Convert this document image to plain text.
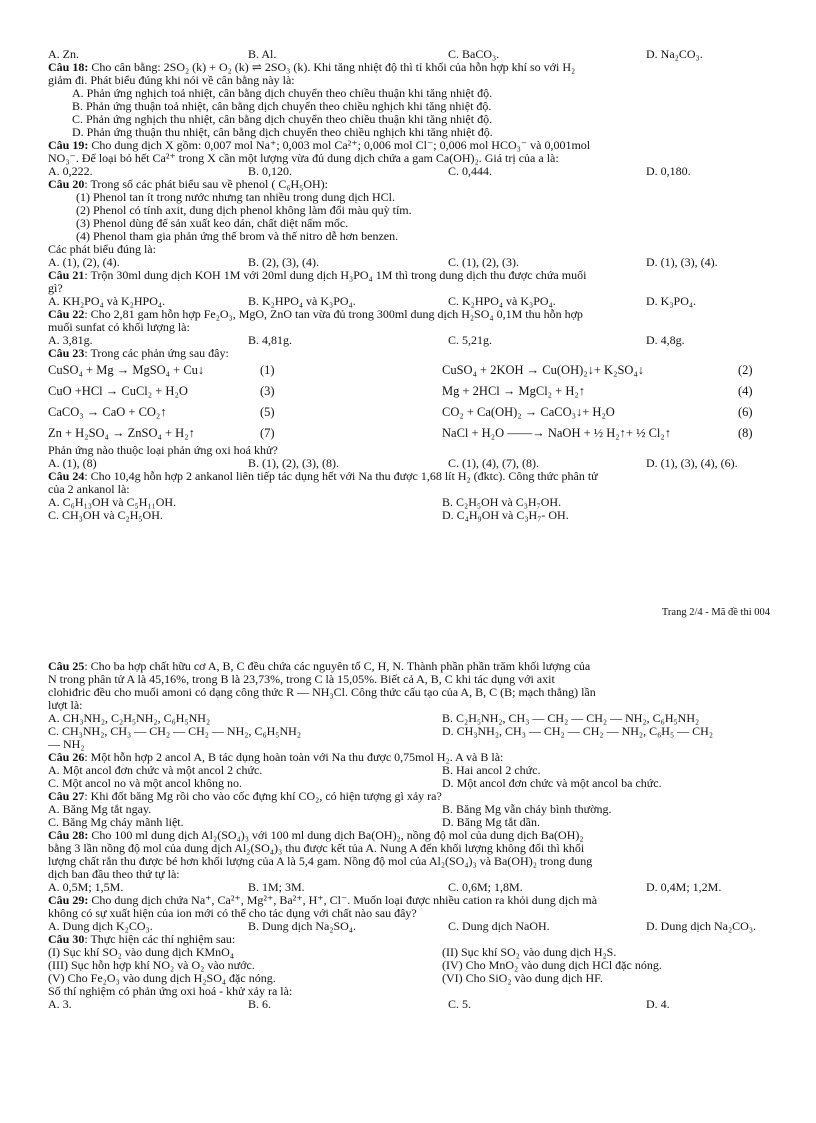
A. Zn.	B. Al.	C. BaCO₃.	D. Na₂CO₃.
Câu 18: Cho cân bằng: 2SO₂ (k) + O₂ (k) ⇌ 2SO₃ (k). Khi tăng nhiệt độ thì tỉ khối của hỗn hợp khí so với H₂
giảm đi. Phát biểu đúng khi nói về cân bằng này là:
A. Phản ứng nghịch toả nhiệt, cân bằng dịch chuyển theo chiều thuận khi tăng nhiệt độ.
B. Phản ứng thuận toả nhiệt, cân bằng dịch chuyển theo chiều nghịch khi tăng nhiệt độ.
C. Phản ứng nghịch thu nhiệt, cân bằng dịch chuyển theo chiều thuận khi tăng nhiệt độ.
D. Phản ứng thuận thu nhiệt, cân bằng dịch chuyển theo chiều nghịch khi tăng nhiệt độ.
Câu 19: Cho dung dịch X gồm: 0,007 mol Na⁺; 0,003 mol Ca²⁺; 0,006 mol Cl⁻; 0,006 mol HCO₃⁻ và 0,001mol
NO₃⁻. Để loại bỏ hết Ca²⁺ trong X cần một lượng vừa đủ dung dịch chứa a gam Ca(OH)₂. Giá trị của a là:
A. 0,222.	B. 0,120.	C. 0,444.	D. 0,180.
Câu 20: Trong số các phát biểu sau về phenol ( C₆H₅OH):
(1) Phenol tan ít trong nước nhưng tan nhiều trong dung dịch HCl.
(2) Phenol có tính axit, dung dịch phenol không làm đổi màu quỳ tím.
(3) Phenol dùng để sản xuất keo dán, chất diệt nấm mốc.
(4) Phenol tham gia phản ứng thế brom và thế nitro dễ hơn benzen.
Các phát biểu đúng là:
A. (1), (2), (4).	B. (2), (3), (4).	C. (1), (2), (3).	D. (1), (3), (4).
Câu 21: Trộn 30ml dung dịch KOH 1M với 20ml dung dịch H₃PO₄ 1M thì trong dung dịch thu được chứa muối
gì?
A. KH₂PO₄ và K₂HPO₄.	B. K₂HPO₄ và K₃PO₄.	C. K₂HPO₄ và K₃PO₄.	D. K₃PO₄.
Câu 22: Cho 2,81 gam hỗn hợp Fe₂O₃, MgO, ZnO tan vừa đủ trong 300ml dung dịch H₂SO₄ 0,1M thu hỗn hợp
muối sunfat có khối lượng là:
A. 3,81g.	B. 4,81g.	C. 5,21g.	D. 4,8g.
Câu 23: Trong các phản ứng sau đây:
CuSO₄ + Mg → MgSO₄ + Cu↓	(1)	CuSO₄ + 2KOH → Cu(OH)₂↓+ K₂SO₄↓	(2)
CuO +HCl → CuCl₂ + H₂O	(3)	Mg + 2HCl → MgCl₂ + H₂↑	(4)
CaCO₃ → CaO + CO₂↑	(5)	CO₂ + Ca(OH)₂ → CaCO₃↓+ H₂O	(6)
Zn + H₂SO₄ → ZnSO₄ + H₂↑	(7)	NaCl + H₂O ——→ NaOH + ½ H₂↑+ ½ Cl₂↑	(8)
Phản ứng nào thuộc loại phản ứng oxi hoá khử?
A. (1), (8)	B. (1), (2), (3), (8).	C. (1), (4), (7), (8).	D. (1), (3), (4), (6).
Câu 24: Cho 10,4g hỗn hợp 2 ankanol liên tiếp tác dụng hết với Na thu được 1,68 lít H₂ (đktc). Công thức phân tử
của 2 ankanol là:
A. C₆H₁₃OH và C₅H₁₁OH.	B. C₂H₅OH và C₃H₇OH.
C. CH₃OH và C₂H₅OH.	D. C₄H₉OH và C₃H₇- OH.
Trang 2/4 - Mã đề thi 004
Câu 25: Cho ba hợp chất hữu cơ A, B, C đều chứa các nguyên tố C, H, N. Thành phần phần trăm khối lượng của
N trong phân tử A là 45,16%, trong B là 23,73%, trong C là 15,05%. Biết cả A, B, C khi tác dụng với axit
clohiđric đều cho muối amoni có dạng công thức R — NH₃Cl. Công thức cấu tạo của A, B, C (B; mạch thẳng) lần
lượt là:
A. CH₃NH₂, C₂H₅NH₂, C₆H₅NH₂	B. C₂H₅NH₂, CH₃ — CH₂ — CH₂ — NH₂, C₆H₅NH₂
C. CH₃NH₂, CH₃ — CH₂ — CH₂ — NH₂, C₆H₅NH₂	D. CH₃NH₂, CH₃ — CH₂ — CH₂ — NH₂, C₆H₅ — CH₂
— NH₂
Câu 26: Một hỗn hợp 2 ancol A, B tác dụng hoàn toàn với Na thu được 0,75mol H₂. A và B là:
A. Một ancol đơn chức và một ancol 2 chức.	B. Hai ancol 2 chức.
C. Một ancol no và một ancol không no.	D. Một ancol đơn chức và một ancol ba chức.
Câu 27: Khi đốt băng Mg rồi cho vào cốc đựng khí CO₂, có hiện tượng gì xảy ra?
A. Băng Mg tắt ngay.	B. Băng Mg vẫn cháy bình thường.
C. Băng Mg cháy mãnh liệt.	D. Băng Mg tắt dần.
Câu 28: Cho 100 ml dung dịch Al₂(SO₄)₃ với 100 ml dung dịch Ba(OH)₂, nồng độ mol của dung dịch Ba(OH)₂
bằng 3 lần nồng độ mol của dung dịch Al₂(SO₄)₃ thu được kết tủa A. Nung A đến khối lượng không đổi thì khối
lượng chất rắn thu được bé hơn khối lượng của A là 5,4 gam. Nồng độ mol của Al₂(SO₄)₃ và Ba(OH)₂ trong dung
dịch ban đầu theo thứ tự là:
A. 0,5M; 1,5M.	B. 1M; 3M.	C. 0,6M; 1,8M.	D. 0,4M; 1,2M.
Câu 29: Cho dung dịch chứa Na⁺, Ca²⁺, Mg²⁺, Ba²⁺, H⁺, Cl⁻. Muốn loại được nhiều cation ra khỏi dung dịch mà
không có sự xuất hiện của ion mới có thể cho tác dụng với chất nào sau đây?
A. Dung dịch K₂CO₃.	B. Dung dịch Na₂SO₄.	C. Dung dịch NaOH.	D. Dung dịch Na₂CO₃.
Câu 30: Thực hiện các thí nghiệm sau:
(I) Sục khí SO₂ vào dung dịch KMnO₄	(II) Sục khí SO₂ vào dung dịch H₂S.
(III) Sục hỗn hợp khí NO₂ và O₂ vào nước.	(IV) Cho MnO₂ vào dung dịch HCl đặc nóng.
(V) Cho Fe₂O₃ vào dung dịch H₂SO₄ đặc nóng.	(VI) Cho SiO₂ vào dung dịch HF.
Số thí nghiệm có phản ứng oxi hoá - khử xảy ra là:
A. 3.	B. 6.	C. 5.	D. 4.
